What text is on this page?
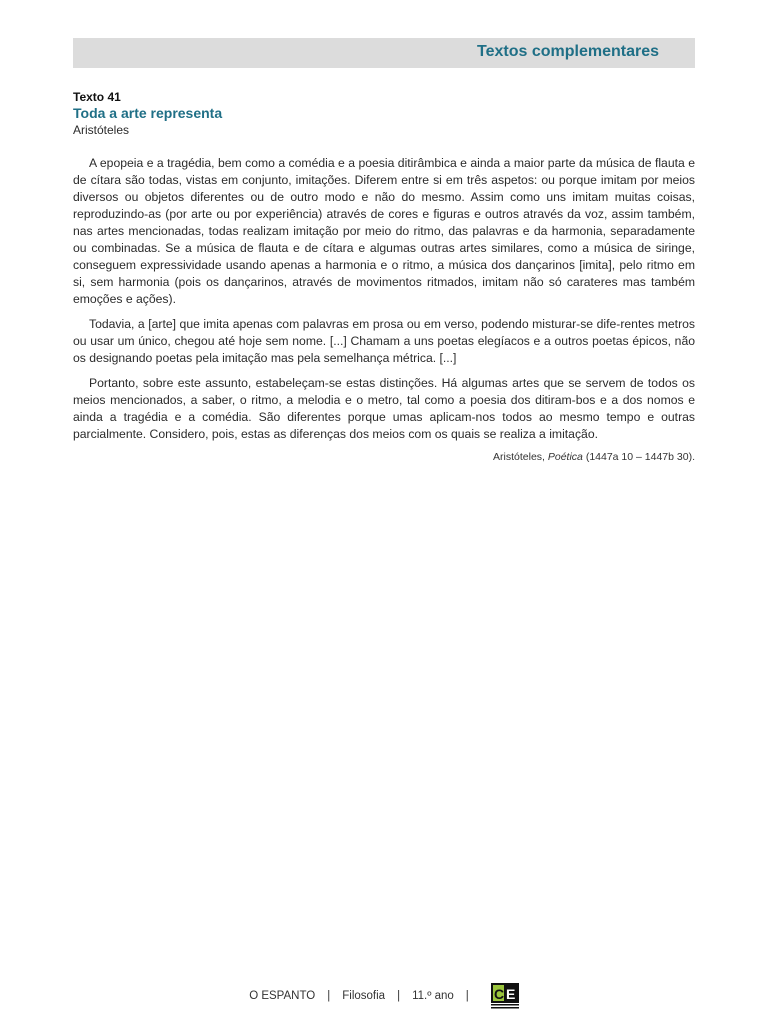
Textos complementares
Texto 41
Toda a arte representa
Aristóteles

A epopeia e a tragédia, bem como a comédia e a poesia ditirâmbica e ainda a maior parte da música de flauta e de cítara são todas, vistas em conjunto, imitações. Diferem entre si em três aspetos: ou porque imitam por meios diversos ou objetos diferentes ou de outro modo e não do mesmo. Assim como uns imitam muitas coisas, reproduzindo-as (por arte ou por experiência) através de cores e figuras e outros através da voz, assim também, nas artes mencionadas, todas realizam imitação por meio do ritmo, das palavras e da harmonia, separadamente ou combinadas. Se a música de flauta e de cítara e algumas outras artes similares, como a música de siringe, conseguem expressividade usando apenas a harmonia e o ritmo, a música dos dançarinos [imita], pelo ritmo em si, sem harmonia (pois os dançarinos, através de movimentos ritmados, imitam não só carateres mas também emoções e ações).

Todavia, a [arte] que imita apenas com palavras em prosa ou em verso, podendo misturar-se dife-rentes metros ou usar um único, chegou até hoje sem nome. [...] Chamam a uns poetas elegíacos e a outros poetas épicos, não os designando poetas pela imitação mas pela semelhança métrica. [...]

Portanto, sobre este assunto, estabeleçam-se estas distinções. Há algumas artes que se servem de todos os meios mencionados, a saber, o ritmo, a melodia e o metro, tal como a poesia dos ditiram-bos e a dos nomos e ainda a tragédia e a comédia. São diferentes porque umas aplicam-nos todos ao mesmo tempo e outras parcialmente. Considero, pois, estas as diferenças dos meios com os quais se realiza a imitação.

Aristóteles, Poética (1447a 10 – 1447b 30).
O ESPANTO | Filosofia | 11.º ano | C E
